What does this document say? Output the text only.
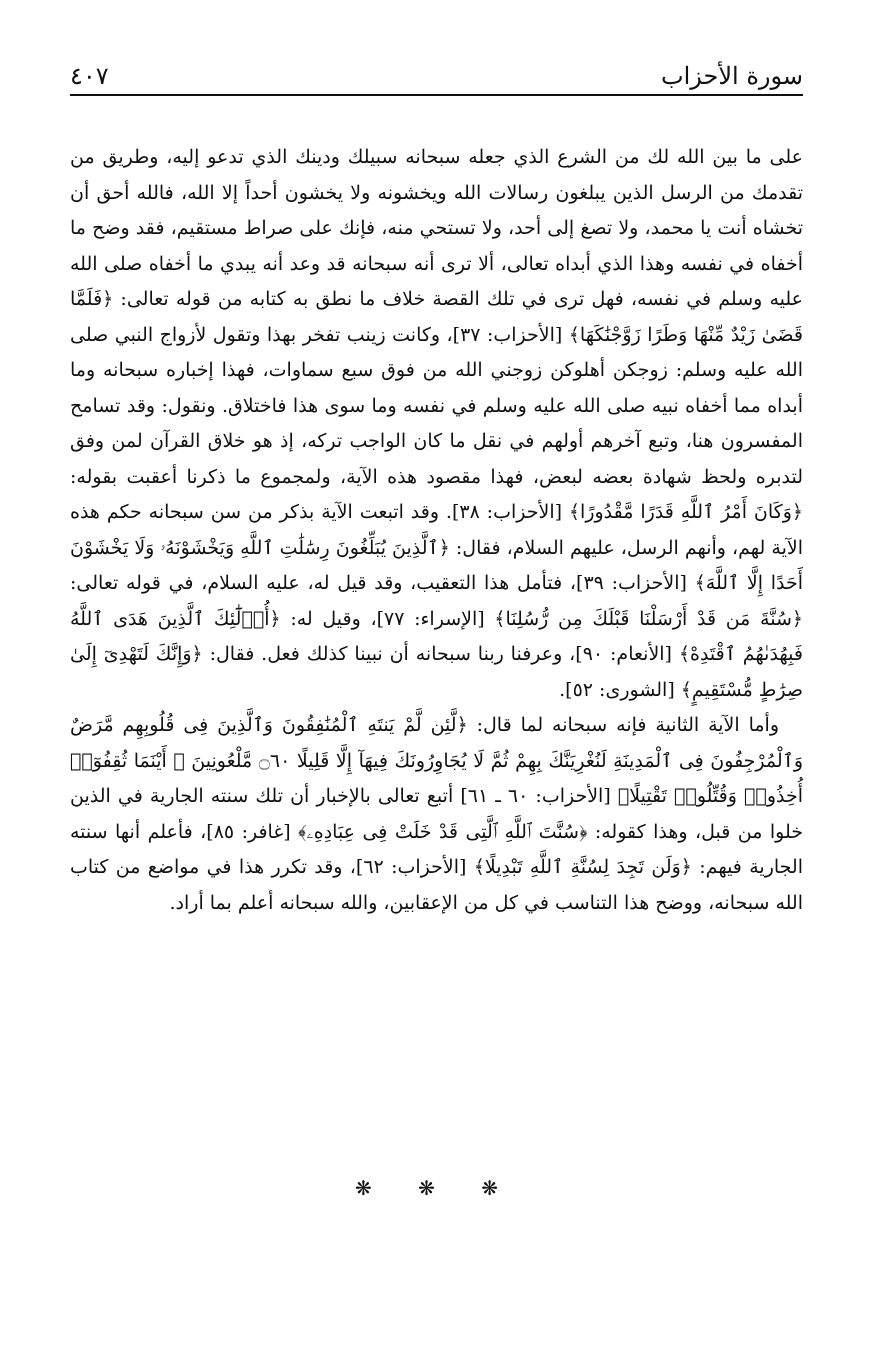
سورة الأحزاب
٤٠٧

على ما بين الله لك من الشرع الذي جعله سبحانه سبيلك ودينك الذي تدعو إليه، وطريق من تقدمك من الرسل الذين يبلغون رسالات الله ويخشونه ولا يخشون أحداً إلا الله، فالله أحق أن تخشاه أنت يا محمد، ولا تصغ إلى أحد، ولا تستحي منه، فإنك على صراط مستقيم، فقد وضح ما أخفاه في نفسه وهذا الذي أبداه تعالى، ألا ترى أنه سبحانه قد وعد أنه يبدي ما أخفاه صلى الله عليه وسلم في نفسه، فهل ترى في تلك القصة خلاف ما نطق به كتابه من قوله تعالى: ﴿فَلَمَّا قَضَىٰ زَيْدٌ مِّنْهَا وَطَرًا زَوَّجْنَٰكَهَا﴾ [الأحزاب: ٣٧]، وكانت زينب تفخر بهذا وتقول لأزواج النبي صلى الله عليه وسلم: زوجكن أهلوكن زوجني الله من فوق سبع سماوات، فهذا إخباره سبحانه وما أبداه مما أخفاه نبيه صلى الله عليه وسلم في نفسه وما سوى هذا فاختلاق. ونقول: وقد تسامح المفسرون هنا، وتبع آخرهم أولهم في نقل ما كان الواجب تركه، إذ هو خلاق القرآن لمن وفق لتدبره ولحظ شهادة بعضه لبعض، فهذا مقصود هذه الآية، ولمجموع ما ذكرنا أعقبت بقوله: ﴿وَكَانَ أَمْرُ ٱللَّهِ قَدَرًا مَّقْدُورًا﴾ [الأحزاب: ٣٨]. وقد اتبعت الآية بذكر من سن سبحانه حكم هذه الآية لهم، وأنهم الرسل، عليهم السلام، فقال: ﴿ٱلَّذِينَ يُبَلِّغُونَ رِسَٰلَٰتِ ٱللَّهِ وَيَخْشَوْنَهُۥ وَلَا يَخْشَوْنَ أَحَدًا إِلَّا ٱللَّهَ﴾ [الأحزاب: ٣٩]، فتأمل هذا التعقيب، وقد قيل له، عليه السلام، في قوله تعالى: ﴿سُنَّةَ مَن قَدْ أَرْسَلْنَا قَبْلَكَ مِن رُّسُلِنَا﴾ [الإسراء: ٧٧]، وقيل له: ﴿أُو۟لَٰٓئِكَ ٱلَّذِينَ هَدَى ٱللَّهُ فَبِهُدَىٰهُمُ ٱقْتَدِهْ﴾ [الأنعام: ٩٠]، وعرفنا ربنا سبحانه أن نبينا كذلك فعل. فقال: ﴿وَإِنَّكَ لَتَهْدِىٓ إِلَىٰ صِرَٰطٍ مُّسْتَقِيمٍ﴾ [الشورى: ٥٢].

وأما الآية الثانية فإنه سبحانه لما قال: ﴿لَّئِن لَّمْ يَنتَهِ ٱلْمُنَٰفِقُونَ وَٱلَّذِينَ فِى قُلُوبِهِم مَّرَضٌ وَٱلْمُرْجِفُونَ فِى ٱلْمَدِينَةِ لَنُغْرِيَنَّكَ بِهِمْ ثُمَّ لَا يُجَاوِرُونَكَ فِيهَآ إِلَّا قَلِيلًا ۝٦٠ مَّلْعُونِينَ ۖ أَيْنَمَا ثُقِفُوٓا۟ أُخِذُوا۟ وَقُتِّلُوا۟ تَقْتِيلًا﴾ [الأحزاب: ٦٠ ـ ٦١] أتبع تعالى بالإخبار أن تلك سنته الجارية في الذين خلوا من قبل، وهذا كقوله: ﴿سُنَّتَ ٱللَّهِ ٱلَّتِى قَدْ خَلَتْ فِى عِبَادِهِۦ﴾ [غافر: ٨٥]، فأعلم أنها سنته الجارية فيهم: ﴿وَلَن تَجِدَ لِسُنَّةِ ٱللَّهِ تَبْدِيلًا﴾ [الأحزاب: ٦٢]، وقد تكرر هذا في مواضع من كتاب الله سبحانه، ووضح هذا التناسب في كل من الإعقابين، والله سبحانه أعلم بما أراد.

❋ ❋ ❋
